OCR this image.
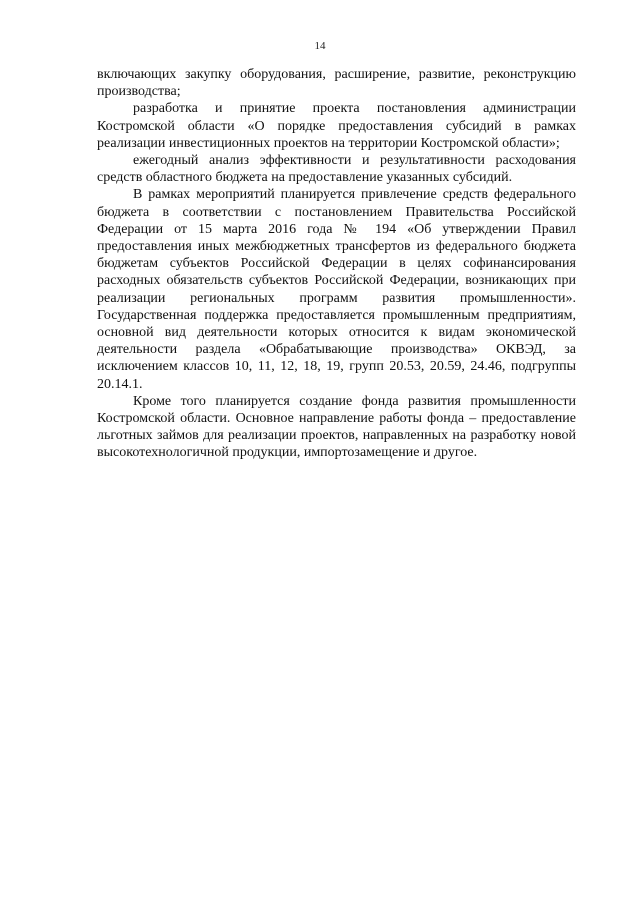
14

включающих закупку оборудования, расширение, развитие, реконструкцию производства;

разработка и принятие проекта постановления администрации Костромской области «О порядке предоставления субсидий в рамках реализации инвестиционных проектов на территории Костромской области»;

ежегодный анализ эффективности и результативности расходования средств областного бюджета на предоставление указанных субсидий.

В рамках мероприятий планируется привлечение средств федерального бюджета в соответствии с постановлением Правительства Российской Федерации от 15 марта 2016 года № 194 «Об утверждении Правил предоставления иных межбюджетных трансфертов из федерального бюджета бюджетам субъектов Российской Федерации в целях софинансирования расходных обязательств субъектов Российской Федерации, возникающих при реализации региональных программ развития промышленности». Государственная поддержка предоставляется промышленным предприятиям, основной вид деятельности которых относится к видам экономической деятельности раздела «Обрабатывающие производства» ОКВЭД, за исключением классов 10, 11, 12, 18, 19, групп 20.53, 20.59, 24.46, подгруппы 20.14.1.

Кроме того планируется создание фонда развития промышленности Костромской области. Основное направление работы фонда – предоставление льготных займов для реализации проектов, направленных на разработку новой высокотехнологичной продукции, импортозамещение и другое.
